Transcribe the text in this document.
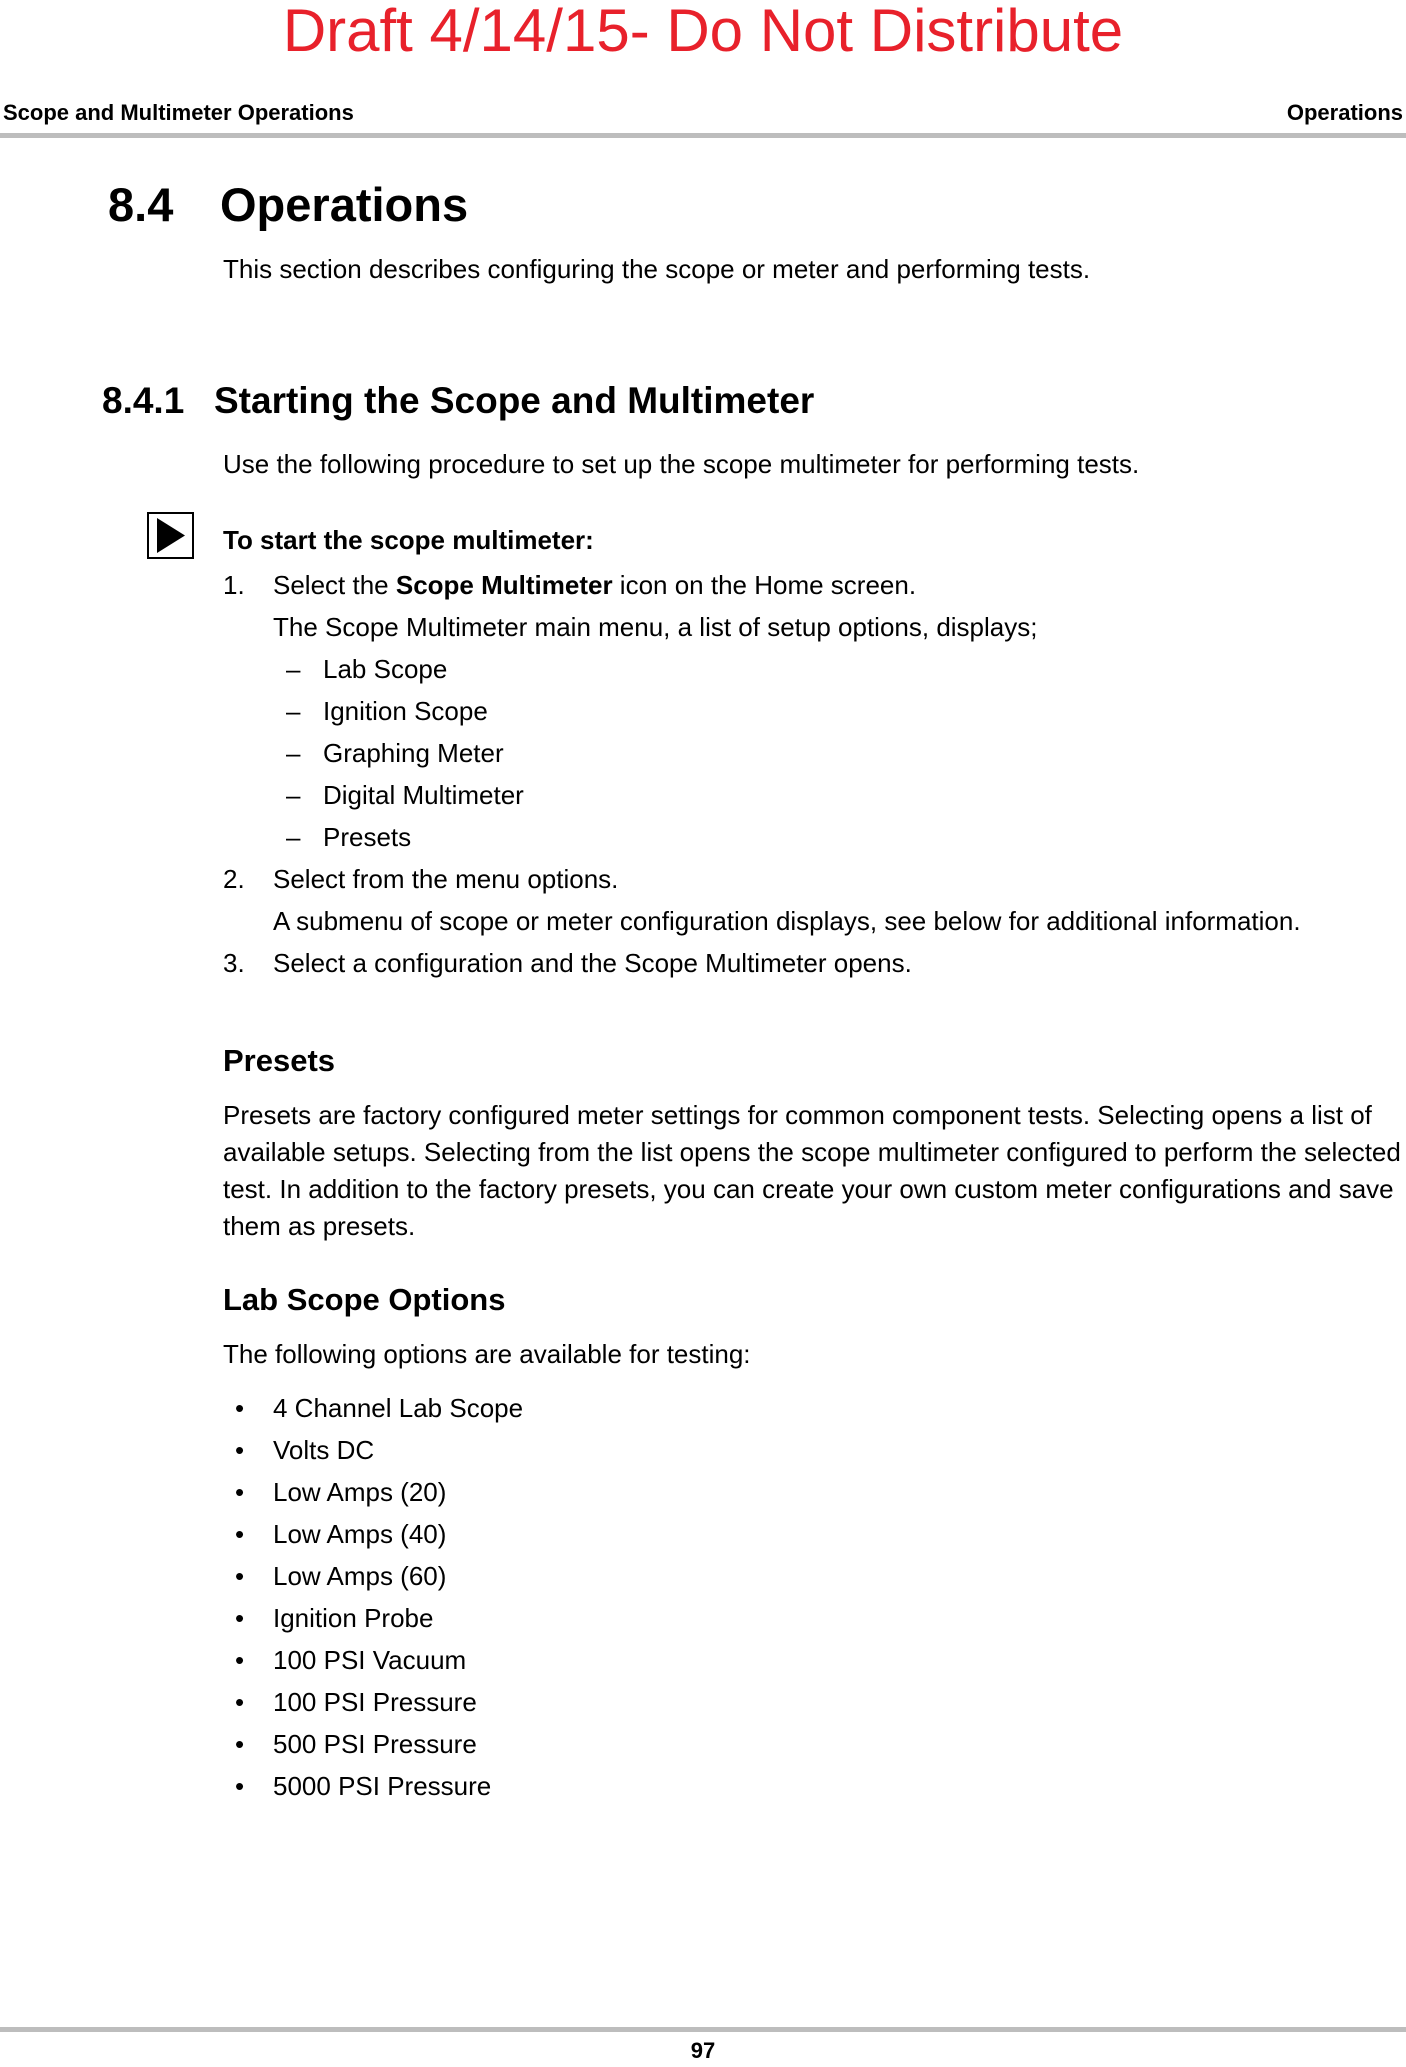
Draft 4/14/15- Do Not Distribute
Scope and Multimeter Operations	Operations
8.4 Operations
This section describes configuring the scope or meter and performing tests.
8.4.1 Starting the Scope and Multimeter
Use the following procedure to set up the scope multimeter for performing tests.
To start the scope multimeter:
1. Select the Scope Multimeter icon on the Home screen.
The Scope Multimeter main menu, a list of setup options, displays;
– Lab Scope
– Ignition Scope
– Graphing Meter
– Digital Multimeter
– Presets
2. Select from the menu options.
A submenu of scope or meter configuration displays, see below for additional information.
3. Select a configuration and the Scope Multimeter opens.
Presets
Presets are factory configured meter settings for common component tests. Selecting opens a list of available setups. Selecting from the list opens the scope multimeter configured to perform the selected test. In addition to the factory presets, you can create your own custom meter configurations and save them as presets.
Lab Scope Options
The following options are available for testing:
• 4 Channel Lab Scope
• Volts DC
• Low Amps (20)
• Low Amps (40)
• Low Amps (60)
• Ignition Probe
• 100 PSI Vacuum
• 100 PSI Pressure
• 500 PSI Pressure
• 5000 PSI Pressure
97
